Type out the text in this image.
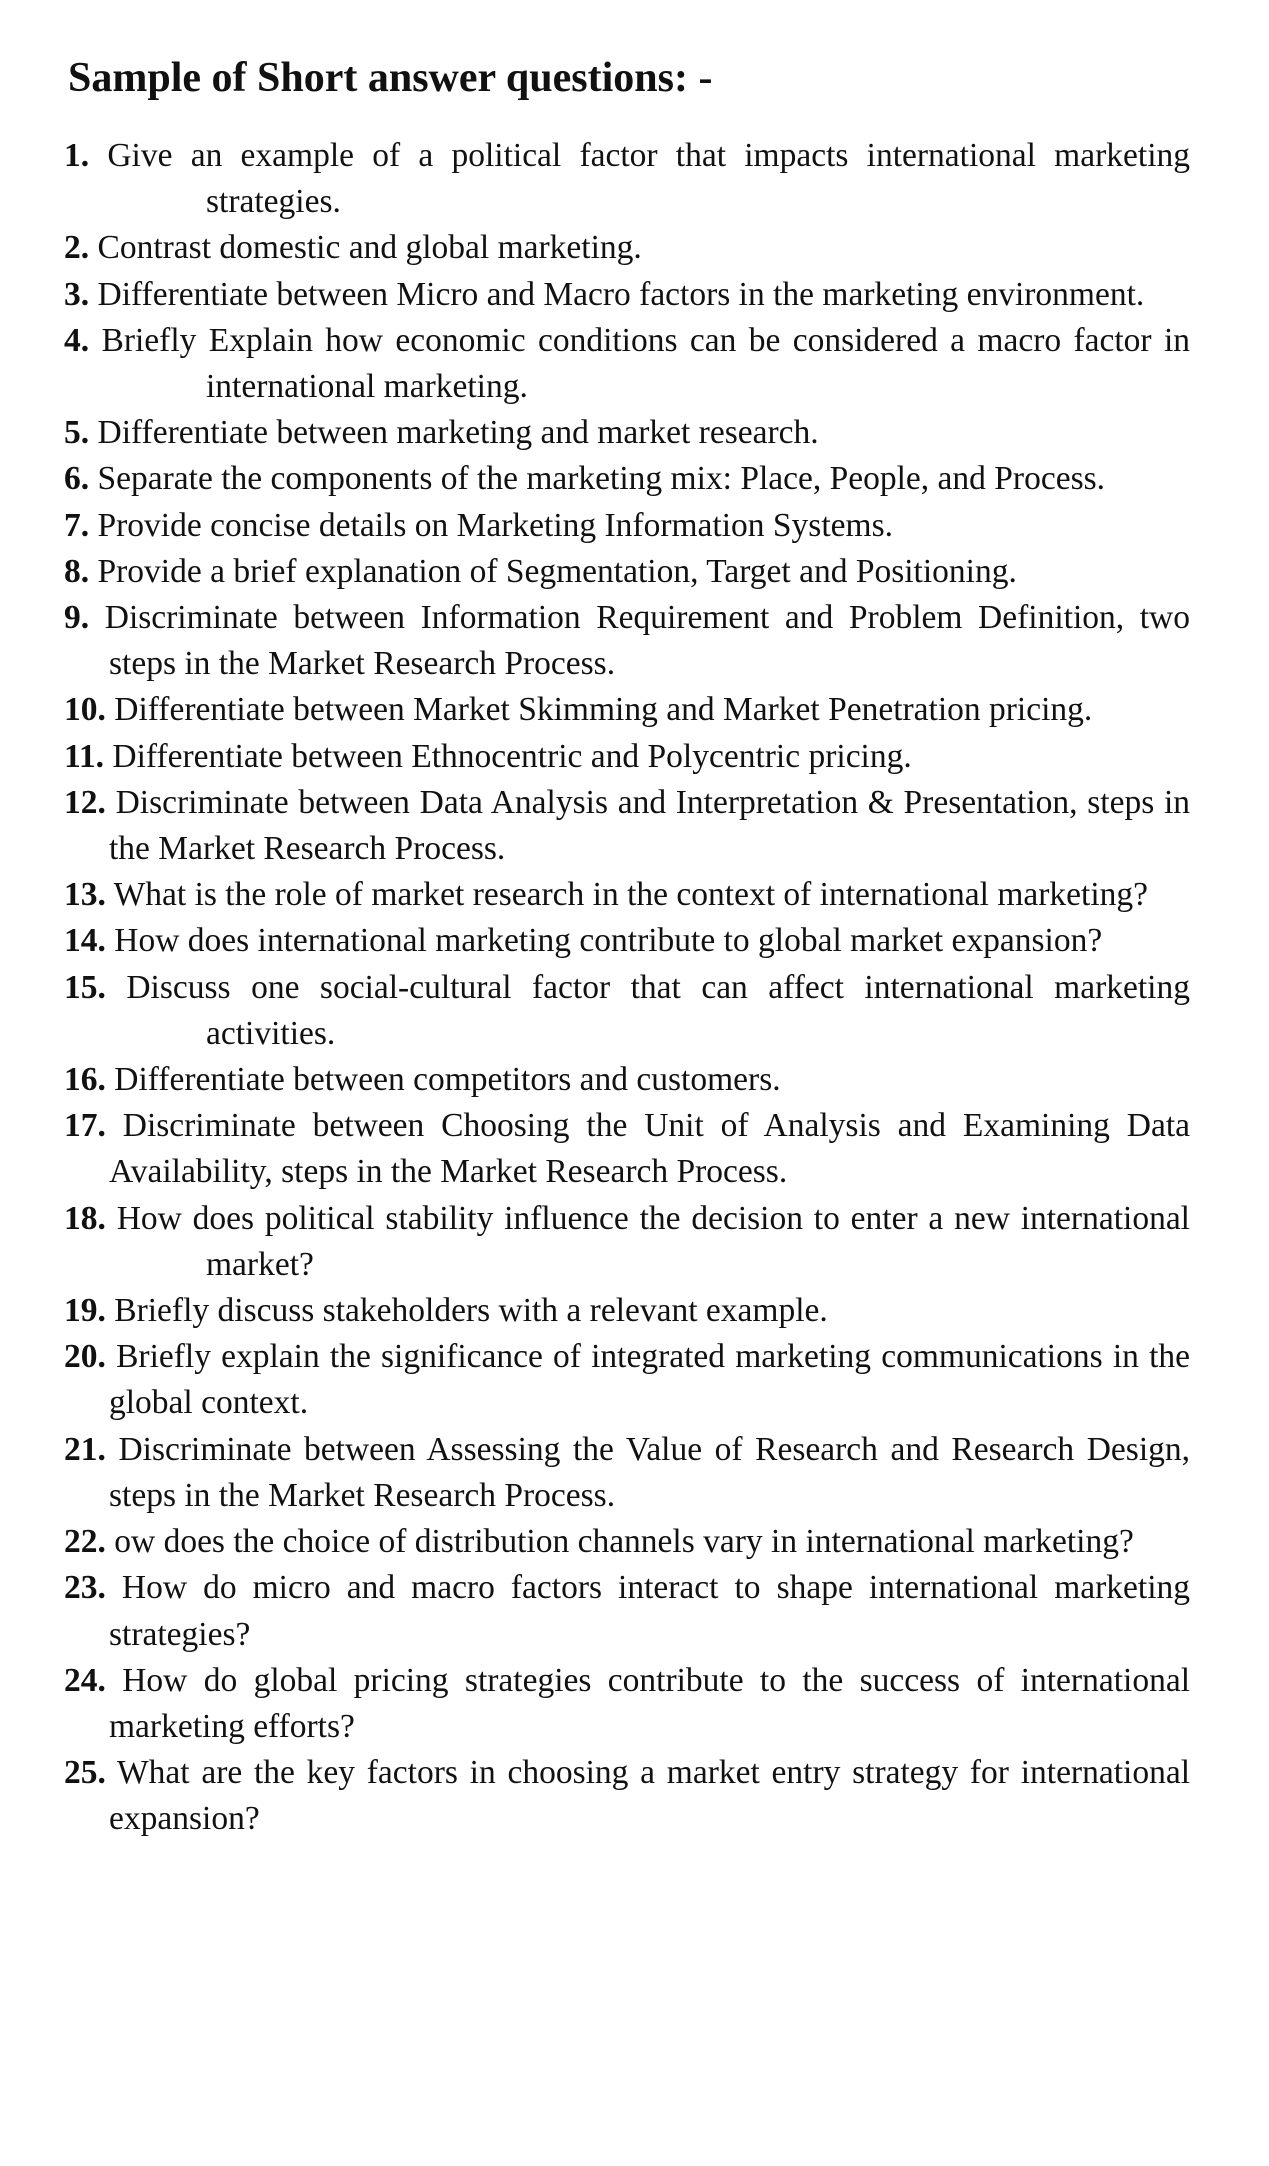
Sample of Short answer questions: -
1. Give an example of a political factor that impacts international marketing strategies.
2. Contrast domestic and global marketing.
3. Differentiate between Micro and Macro factors in the marketing environment.
4. Briefly Explain how economic conditions can be considered a macro factor in international marketing.
5. Differentiate between marketing and market research.
6. Separate the components of the marketing mix: Place, People, and Process.
7. Provide concise details on Marketing Information Systems.
8. Provide a brief explanation of Segmentation, Target and Positioning.
9. Discriminate between Information Requirement and Problem Definition, two steps in the Market Research Process.
10. Differentiate between Market Skimming and Market Penetration pricing.
11. Differentiate between Ethnocentric and Polycentric pricing.
12. Discriminate between Data Analysis and Interpretation & Presentation, steps in the Market Research Process.
13. What is the role of market research in the context of international marketing?
14. How does international marketing contribute to global market expansion?
15. Discuss one social-cultural factor that can affect international marketing activities.
16. Differentiate between competitors and customers.
17. Discriminate between Choosing the Unit of Analysis and Examining Data Availability, steps in the Market Research Process.
18. How does political stability influence the decision to enter a new international market?
19. Briefly discuss stakeholders with a relevant example.
20. Briefly explain the significance of integrated marketing communications in the global context.
21. Discriminate between Assessing the Value of Research and Research Design, steps in the Market Research Process.
22. ow does the choice of distribution channels vary in international marketing?
23. How do micro and macro factors interact to shape international marketing strategies?
24. How do global pricing strategies contribute to the success of international marketing efforts?
25. What are the key factors in choosing a market entry strategy for international expansion?
